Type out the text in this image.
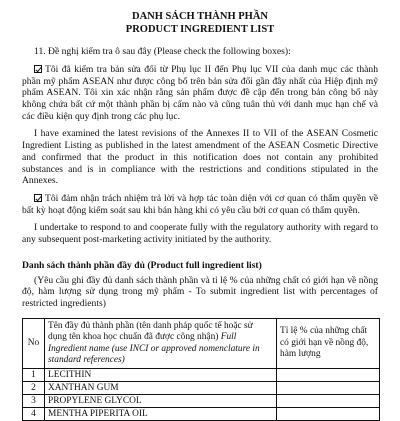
DANH SÁCH THÀNH PHẦN
PRODUCT INGREDIENT LIST
11. Đề nghị kiểm tra ô sau đây (Please check the following boxes):
Tôi đã kiểm tra bản sửa đổi từ Phụ lục II đến Phụ lục VII của danh mục các thành phần mỹ phẩm ASEAN như được công bố trên bản sửa đổi gần đây nhất của Hiệp định mỹ phẩm ASEAN. Tôi xin xác nhận rằng sản phẩm được đề cập đến trong bản công bố này không chứa bất cứ một thành phần bị cấm nào và cũng tuân thủ với danh mục hạn chế và các điều kiện quy định trong các phụ lục.
I have examined the latest revisions of the Annexes II to VII of the ASEAN Cosmetic Ingredient Listing as published in the latest amendment of the ASEAN Cosmetic Directive and confirmed that the product in this notification does not contain any prohibited substances and is in compliance with the restrictions and conditions stipulated in the Annexes.
Tôi đảm nhận trách nhiệm trả lời và hợp tác toàn diện với cơ quan có thẩm quyền về bất kỳ hoạt động kiểm soát sau khi bán hàng khi có yêu cầu bởi cơ quan có thẩm quyền.
I undertake to respond to and cooperate fully with the regulatory authority with regard to any subsequent post-marketing activity initiated by the authority.
Danh sách thành phần đầy đủ (Product full ingredient list)
(Yêu cầu ghi đầy đủ danh sách thành phần và tỉ lệ % của những chất có giới hạn về nồng độ, hàm lượng sử dụng trong mỹ phẩm - To submit ingredient list with percentages of restricted ingredients)
No	Tên đầy đủ thành phần (tên danh pháp quốc tế hoặc sử dụng tên khoa học chuẩn đã được công nhận) Full Ingredient name (use INCI or approved nomenclature in standard references)	Tỉ lệ % của những chất có giới hạn về nồng độ, hàm lượng
1	LECITHIN	
2	XANTHAN GUM	
3	PROPYLENE GLYCOL	
4	MENTHA PIPERITA OIL	
